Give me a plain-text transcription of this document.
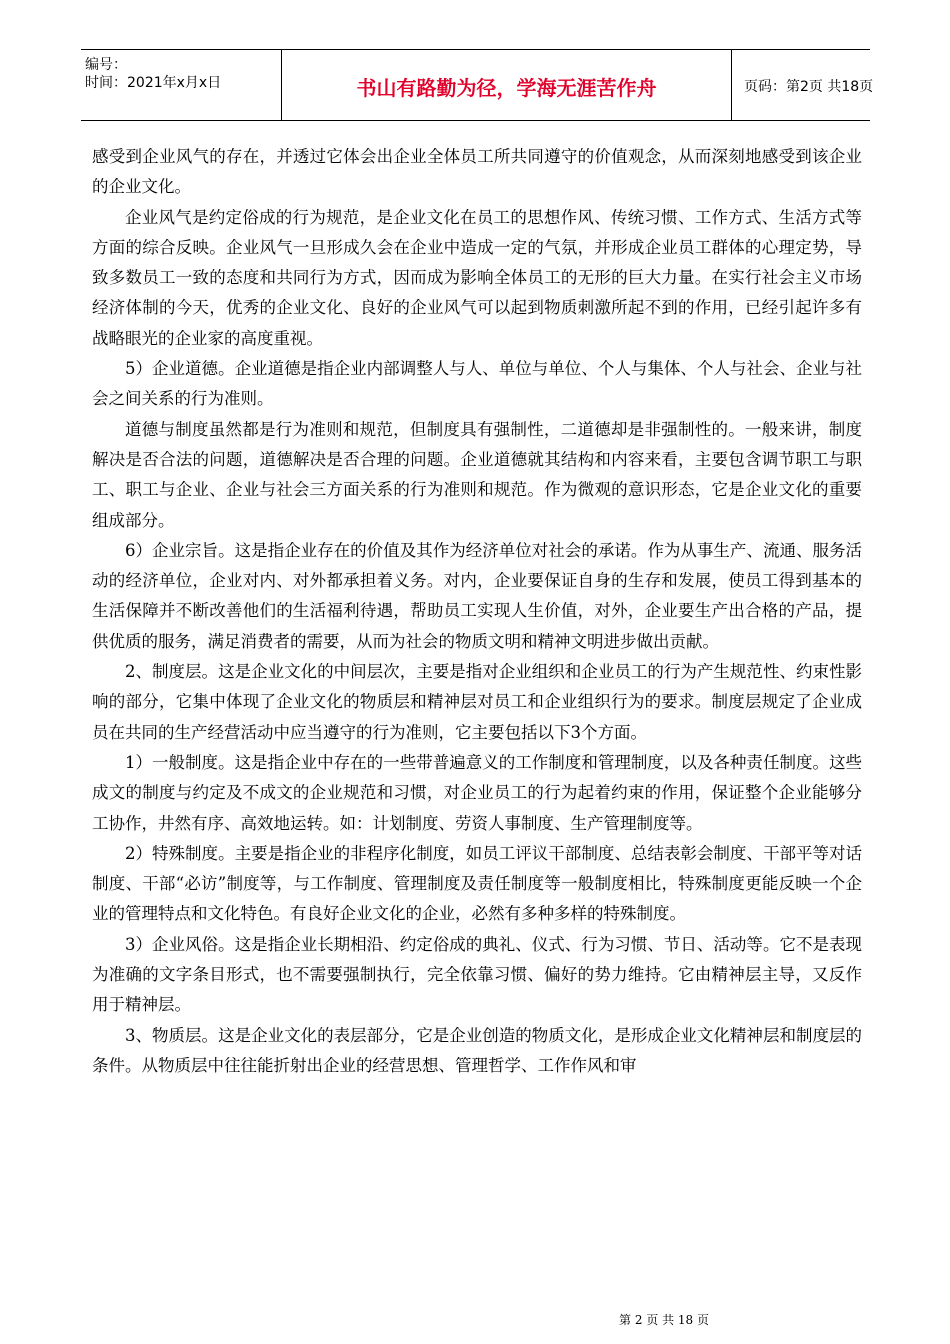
编号：
时间：2021年x月x日	书山有路勤为径，学海无涯苦作舟	页码：第2页 共18页

感受到企业风气的存在，并透过它体会出企业全体员工所共同遵守的价值观念，从而深刻地感受到该企业的企业文化。

企业风气是约定俗成的行为规范，是企业文化在员工的思想作风、传统习惯、工作方式、生活方式等方面的综合反映。企业风气一旦形成久会在企业中造成一定的气氛，并形成企业员工群体的心理定势，导致多数员工一致的态度和共同行为方式，因而成为影响全体员工的无形的巨大力量。在实行社会主义市场经济体制的今天，优秀的企业文化、良好的企业风气可以起到物质刺激所起不到的作用，已经引起许多有战略眼光的企业家的高度重视。

5）企业道德。企业道德是指企业内部调整人与人、单位与单位、个人与集体、个人与社会、企业与社会之间关系的行为准则。

道德与制度虽然都是行为准则和规范，但制度具有强制性，二道德却是非强制性的。一般来讲，制度解决是否合法的问题，道德解决是否合理的问题。企业道德就其结构和内容来看，主要包含调节职工与职工、职工与企业、企业与社会三方面关系的行为准则和规范。作为微观的意识形态，它是企业文化的重要组成部分。

6）企业宗旨。这是指企业存在的价值及其作为经济单位对社会的承诺。作为从事生产、流通、服务活动的经济单位，企业对内、对外都承担着义务。对内，企业要保证自身的生存和发展，使员工得到基本的生活保障并不断改善他们的生活福利待遇，帮助员工实现人生价值，对外，企业要生产出合格的产品，提供优质的服务，满足消费者的需要，从而为社会的物质文明和精神文明进步做出贡献。

2、制度层。这是企业文化的中间层次，主要是指对企业组织和企业员工的行为产生规范性、约束性影响的部分，它集中体现了企业文化的物质层和精神层对员工和企业组织行为的要求。制度层规定了企业成员在共同的生产经营活动中应当遵守的行为准则，它主要包括以下3个方面。

1）一般制度。这是指企业中存在的一些带普遍意义的工作制度和管理制度，以及各种责任制度。这些成文的制度与约定及不成文的企业规范和习惯，对企业员工的行为起着约束的作用，保证整个企业能够分工协作，井然有序、高效地运转。如：计划制度、劳资人事制度、生产管理制度等。

2）特殊制度。主要是指企业的非程序化制度，如员工评议干部制度、总结表彰会制度、干部平等对话制度、干部“必访”制度等，与工作制度、管理制度及责任制度等一般制度相比，特殊制度更能反映一个企业的管理特点和文化特色。有良好企业文化的企业，必然有多种多样的特殊制度。

3）企业风俗。这是指企业长期相沿、约定俗成的典礼、仪式、行为习惯、节日、活动等。它不是表现为准确的文字条目形式，也不需要强制执行，完全依靠习惯、偏好的势力维持。它由精神层主导，又反作用于精神层。

3、物质层。这是企业文化的表层部分，它是企业创造的物质文化，是形成企业文化精神层和制度层的条件。从物质层中往往能折射出企业的经营思想、管理哲学、工作作风和审

第 2 页 共 18 页
